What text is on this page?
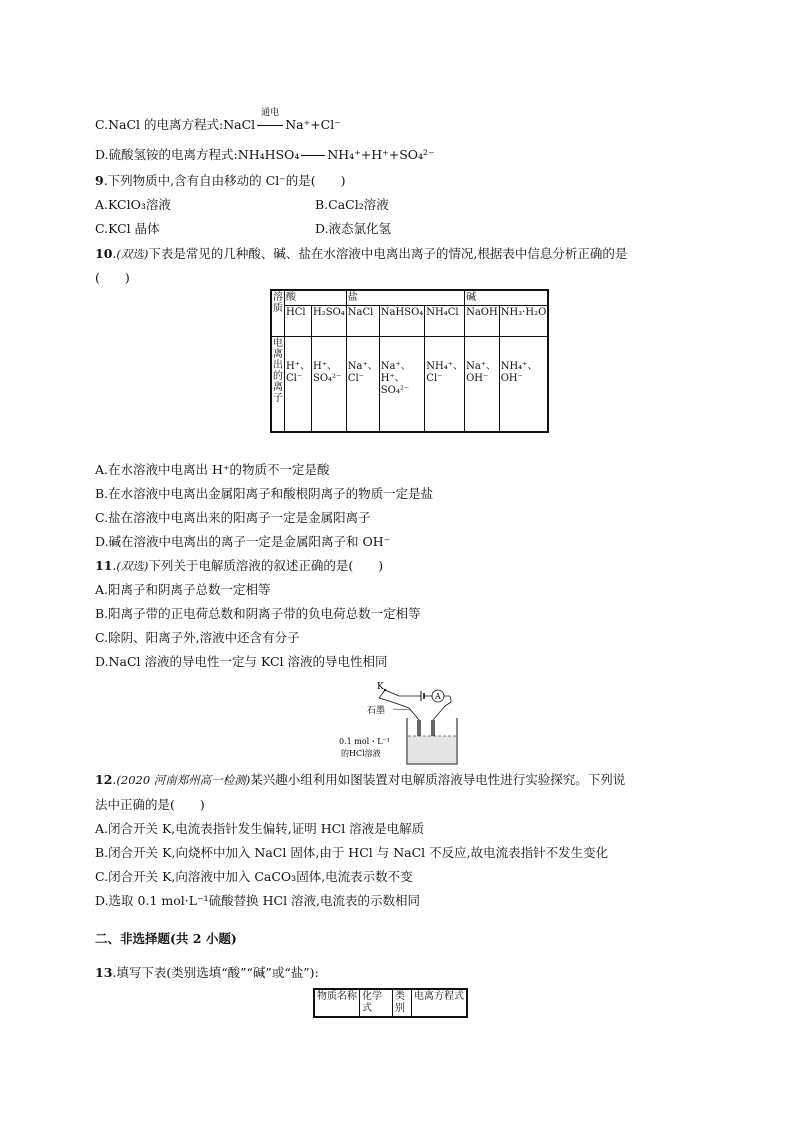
C.NaCl 的电离方程式:NaCl
通电
Na⁺+Cl⁻
D.硫酸氢铵的电离方程式:NH₄HSO₄ NH₄⁺+H⁺+SO₄²⁻
9.下列物质中,含有自由移动的 Cl⁻的是(　　)
A.KClO₃溶液	B.CaCl₂溶液
C.KCl 晶体	D.液态氯化氢
10.(双选)下表是常见的几种酸、碱、盐在水溶液中电离出离子的情况,根据表中信息分析正确的是
(　　)
溶质	酸		盐			碱	
	HCl	H₂SO₄	NaCl	NaHSO₄	NH₄Cl	NaOH	NH₃·H₂O
电离出的离子	H⁺、Cl⁻	H⁺、SO₄²⁻	Na⁺、Cl⁻	Na⁺、H⁺、SO₄²⁻	NH₄⁺、Cl⁻	Na⁺、OH⁻	NH₄⁺、OH⁻
A.在水溶液中电离出 H⁺的物质不一定是酸
B.在水溶液中电离出金属阳离子和酸根阴离子的物质一定是盐
C.盐在溶液中电离出来的阳离子一定是金属阳离子
D.碱在溶液中电离出的离子一定是金属阳离子和 OH⁻
11.(双选)下列关于电解质溶液的叙述正确的是(　　)
A.阳离子和阴离子总数一定相等
B.阳离子带的正电荷总数和阴离子带的负电荷总数一定相等
C.除阴、阳离子外,溶液中还含有分子
D.NaCl 溶液的导电性一定与 KCl 溶液的导电性相同
K
A
石墨
0.1 mol・L⁻¹
的HCl溶液
12.(2020 河南郑州高一检测)某兴趣小组利用如图装置对电解质溶液导电性进行实验探究。下列说
法中正确的是(　　)
A.闭合开关 K,电流表指针发生偏转,证明 HCl 溶液是电解质
B.闭合开关 K,向烧杯中加入 NaCl 固体,由于 HCl 与 NaCl 不反应,故电流表指针不发生变化
C.闭合开关 K,向溶液中加入 CaCO₃固体,电流表示数不变
D.选取 0.1 mol·L⁻¹硫酸替换 HCl 溶液,电流表的示数相同
二、非选择题(共 2 小题)
13.填写下表(类别选填“酸”“碱”或“盐”):
物质名称	化学式	类别	电离方程式
